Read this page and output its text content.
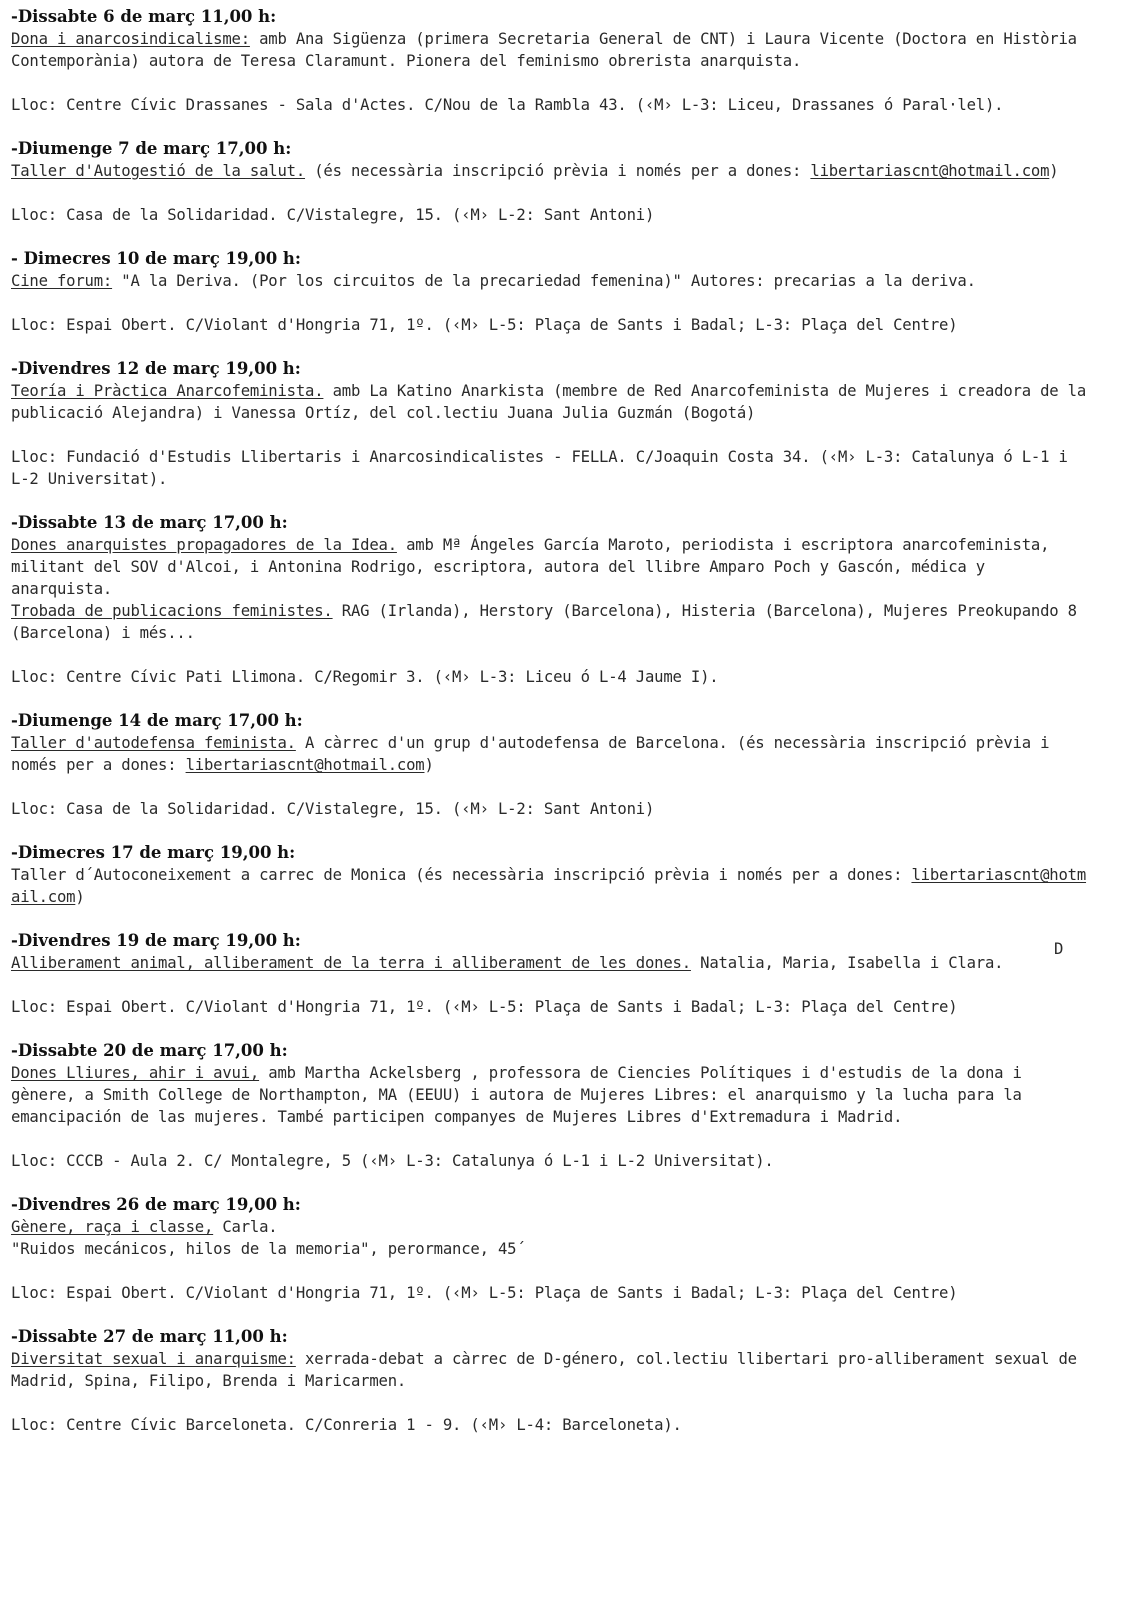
-Dissabte 6 de març 11,00 h:

Dona i anarcosindicalisme: amb Ana Sigüenza (primera Secretaria General de CNT) i Laura Vicente (Doctora en Història Contemporània) autora de Teresa Claramunt. Pionera del feminismo obrerista anarquista.

Lloc: Centre Cívic Drassanes - Sala d'Actes. C/Nou de la Rambla 43. (‹M› L-3: Liceu, Drassanes ó Paral·lel).

-Diumenge 7 de març 17,00 h:

Taller d'Autogestió de la salut. (és necessària inscripció prèvia i només per a dones: libertariascnt@hotmail.com)

Lloc: Casa de la Solidaridad. C/Vistalegre, 15. (‹M› L-2: Sant Antoni)

- Dimecres 10 de març 19,00 h:

Cine forum: "A la Deriva. (Por los circuitos de la precariedad femenina)" Autores: precarias a la deriva.

Lloc: Espai Obert. C/Violant d'Hongria 71, 1º. (‹M› L-5: Plaça de Sants i Badal; L-3: Plaça del Centre)

-Divendres 12 de març 19,00 h:

Teoría i Pràctica Anarcofeminista. amb La Katino Anarkista (membre de Red Anarcofeminista de Mujeres i creadora de la publicació Alejandra) i Vanessa Ortíz, del col.lectiu Juana Julia Guzmán (Bogotá)

Lloc: Fundació d'Estudis Llibertaris i Anarcosindicalistes - FELLA. C/Joaquin Costa 34. (‹M› L-3: Catalunya ó L-1 i L-2 Universitat).

-Dissabte 13 de març 17,00 h:

Dones anarquistes propagadores de la Idea. amb Mª Ángeles García Maroto, periodista i escriptora anarcofeminista, militant del SOV d'Alcoi, i Antonina Rodrigo, escriptora, autora del llibre Amparo Poch y Gascón, médica y anarquista.

Trobada de publicacions feministes. RAG (Irlanda), Herstory (Barcelona), Histeria (Barcelona), Mujeres Preokupando 8 (Barcelona) i més...

Lloc: Centre Cívic Pati Llimona. C/Regomir 3. (‹M› L-3: Liceu ó L-4 Jaume I).

-Diumenge 14 de març 17,00 h:

Taller d'autodefensa feminista. A càrrec d'un grup d'autodefensa de Barcelona. (és necessària inscripció prèvia i només per a dones: libertariascnt@hotmail.com)

Lloc: Casa de la Solidaridad. C/Vistalegre, 15. (‹M› L-2: Sant Antoni)

-Dimecres 17 de març 19,00 h:

Taller d´Autoconeixement a carrec de Monica (és necessària inscripció prèvia i només per a dones: libertariascnt@hotmail.com)

-Divendres 19 de març 19,00 h:

Alliberament animal, alliberament de la terra i alliberament de les dones. Natalia, Maria, Isabella i Clara.

Lloc: Espai Obert. C/Violant d'Hongria 71, 1º. (‹M› L-5: Plaça de Sants i Badal; L-3: Plaça del Centre)

-Dissabte 20 de març 17,00 h:

Dones Lliures, ahir i avui, amb Martha Ackelsberg , professora de Ciencies Polítiques i d'estudis de la dona i gènere, a Smith College de Northampton, MA (EEUU) i autora de Mujeres Libres: el anarquismo y la lucha para la emancipación de las mujeres. També participen companyes de Mujeres Libres d'Extremadura i Madrid.

Lloc: CCCB - Aula 2. C/ Montalegre, 5 (‹M› L-3: Catalunya ó L-1 i L-2 Universitat).

-Divendres 26 de març 19,00 h:

Gènere, raça i classe, Carla.

"Ruidos mecánicos, hilos de la memoria", perormance, 45´

Lloc: Espai Obert. C/Violant d'Hongria 71, 1º. (‹M› L-5: Plaça de Sants i Badal; L-3: Plaça del Centre)

-Dissabte 27 de març 11,00 h:

Diversitat sexual i anarquisme: xerrada-debat a càrrec de D-género, col.lectiu llibertari pro-alliberament sexual de Madrid, Spina, Filipo, Brenda i Maricarmen.

Lloc: Centre Cívic Barceloneta. C/Conreria 1 - 9. (‹M› L-4: Barceloneta).

D
